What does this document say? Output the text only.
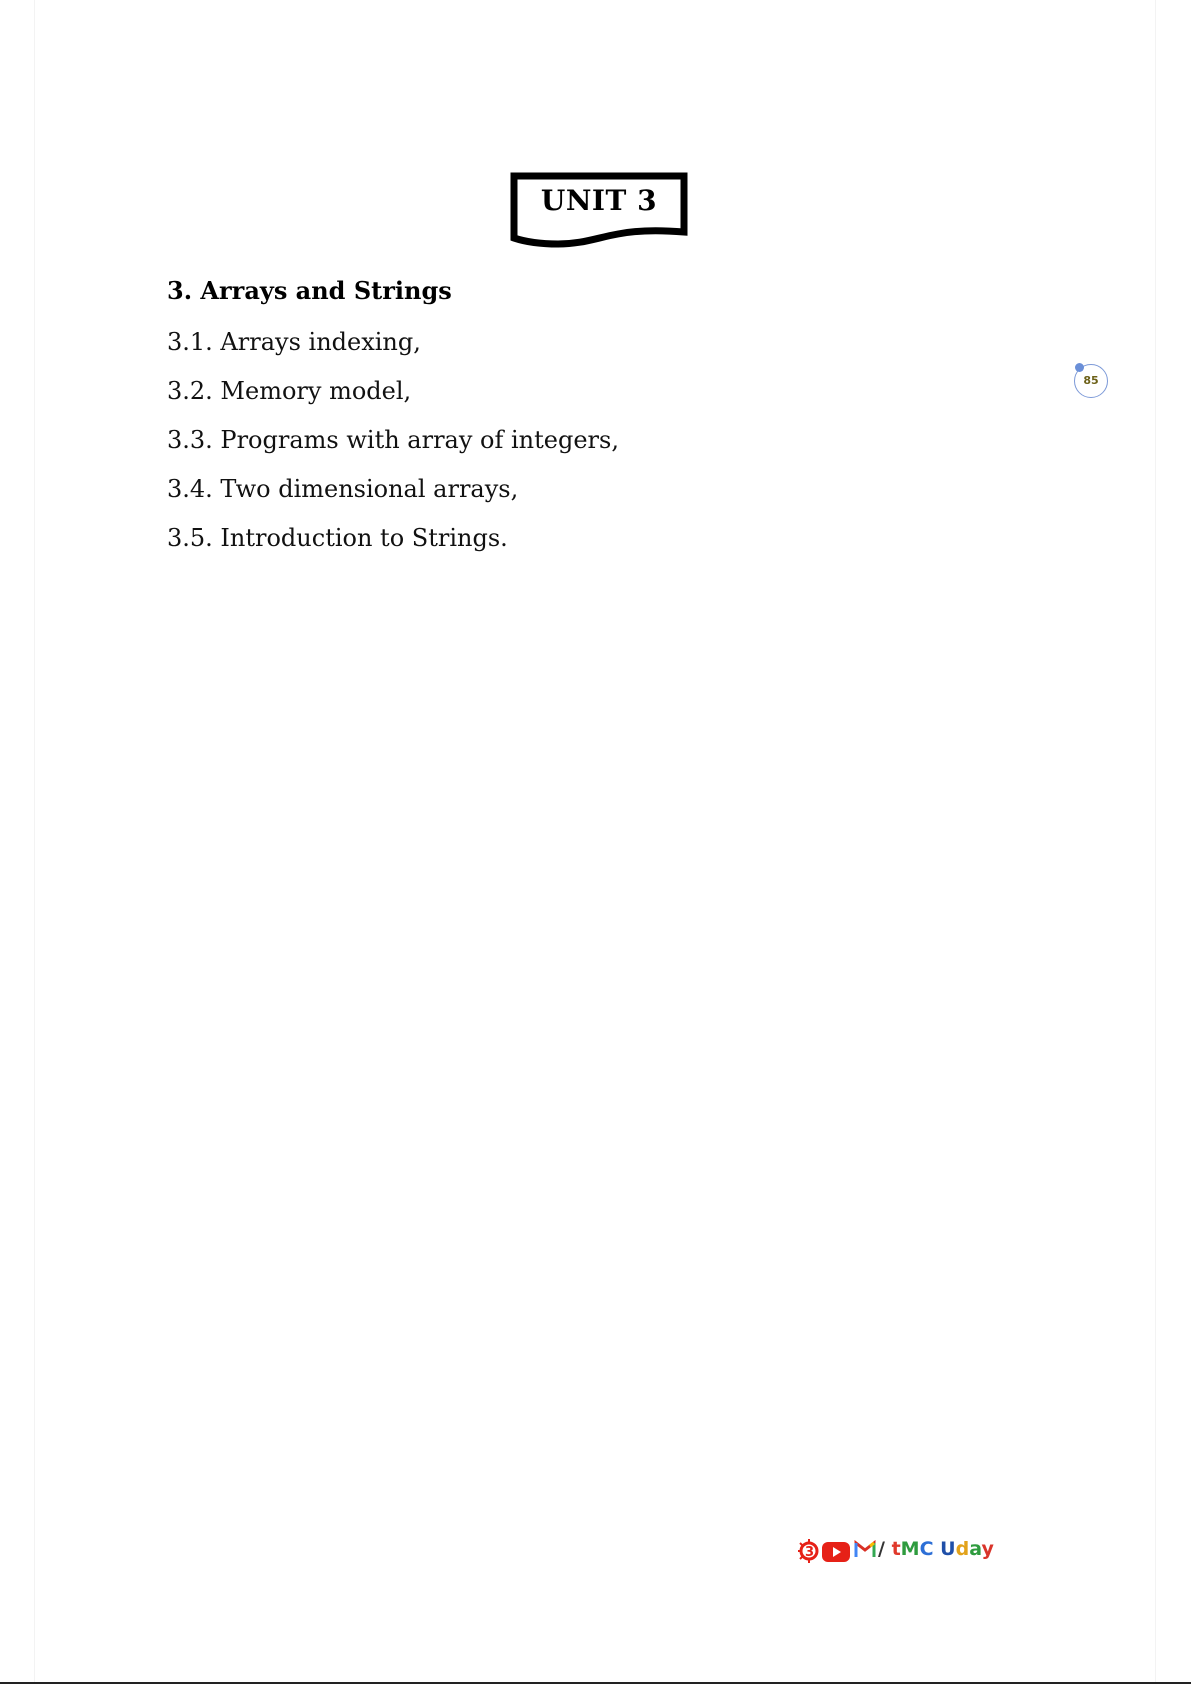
UNIT 3
3. Arrays and Strings
3.1. Arrays indexing,
3.2. Memory model,
3.3. Programs with array of integers,
3.4. Two dimensional arrays,
3.5. Introduction to Strings.
85
3	/ tMC Uday
